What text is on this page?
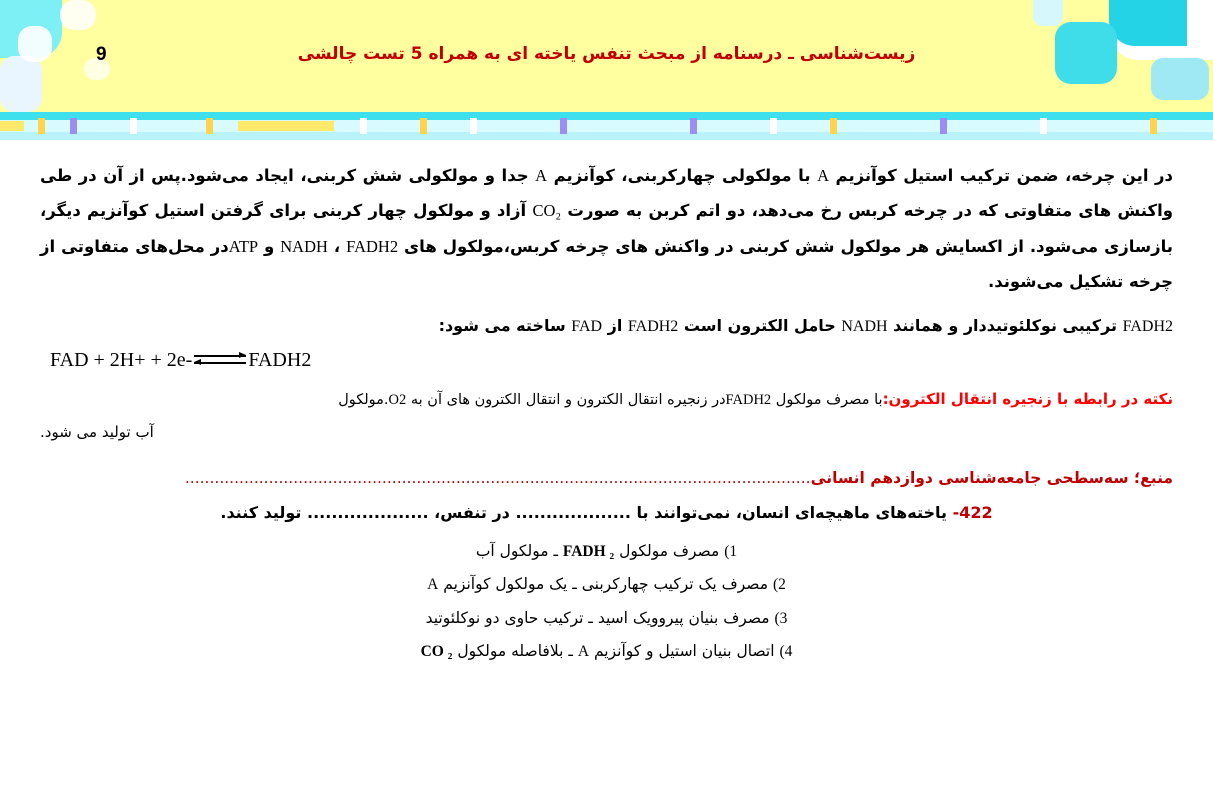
9	زیست‌شناسی ـ درسنامه از مبحث تنفس یاخته ای به همراه 5 تست چالشی

در این چرخه، ضمن ترکیب استیل کوآنزیم A با مولکولی چهارکربنی، کوآنزیم A جدا و مولکولی شش کربنی، ایجاد می‌شود.پس از آن در طی واکنش های متفاوتی که در چرخه کربس رخ می‌دهد، دو اتم کربن به صورت CO₂ آزاد و مولکول چهار کربنی برای گرفتن استیل کوآنزیم دیگر، بازسازی می‌شود. از اکسایش هر مولکول شش کربنی در واکنش های چرخه کربس،مولکول های FADH2 ، NADH و ATPدر محل‌های متفاوتی از چرخه تشکیل می‌شوند.

FADH2 ترکیبی نوکلئوتیددار و همانند NADH حامل الکترون است FADH2 از FAD ساخته می شود:
FAD + 2H+ + 2e- ⇌ FADH2
نکته در رابطه با زنجیره انتقال الکترون:با مصرف مولکول FADH2در زنجیره انتقال الکترون و انتقال الکترون های آن به O2.مولکول
آب تولید می شود.
منبع؛ سه‌سطحی جامعه‌شناسی دوازدهم انسانی...............................................................................................................................
422- یاخته‌های ماهیچه‌ای انسان، نمی‌توانند با ................... در تنفس، .................... تولید کنند.
1) مصرف مولکول FADH ₂ ـ مولکول آب
2) مصرف یک ترکیب چهارکربنی ـ یک مولکول کوآنزیم A
3) مصرف بنیان پیروویک اسید ـ ترکیب حاوی دو نوکلئوتید
4) اتصال بنیان استیل و کوآنزیم A ـ بلافاصله مولکول CO ₂
